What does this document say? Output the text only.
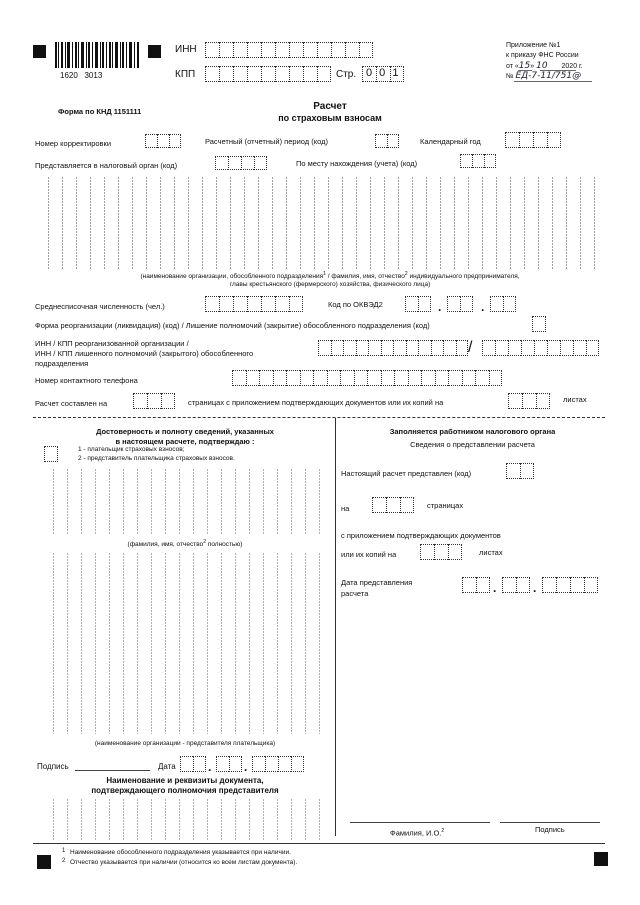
1620   3013
ИНН
КПП	Стр. 0 0 1
Приложение №1
к приказу ФНС России
от «15» 10 2020 г.
№ ЕД-7-11/751@
Форма по КНД 1151111	Расчет
по страховым взносам
Номер корректировки	Расчетный (отчетный) период (код)	Календарный год
Представляется в налоговый орган (код)	По месту нахождения (учета) (код)
(наименование организации, обособленного подразделения$^1$ / фамилия, имя, отчество$^2$ индивидуального предпринимателя,
главы крестьянского (фермерского) хозяйства, физического лица)
Среднесписочная численность (чел.)	Код по ОКВЭД2	.	.
Форма реорганизации (ликвидация) (код) / Лишение полномочий (закрытие) обособленного подразделения (код)
ИНН / КПП реорганизованной организации /
ИНН / КПП лишенного полномочий (закрытого) обособленного
подразделения
/
Номер контактного телефона
Расчет составлен на	страницах с приложением подтверждающих документов или их копий на	листах
Достоверность и полноту сведений, указанных
в настоящем расчете, подтверждаю :
1 - плательщик страховых взносов;
2 - представитель плательщика страховых взносов.
(фамилия, имя, отчество$^2$ полностью)
(наименование организации - представителя плательщика)
Подпись	Дата	.	.
Наименование и реквизиты документа,
подтверждающего полномочия представителя
Заполняется работником налогового органа
Сведения о представлении расчета
Настоящий расчет представлен (код)
на	страницах
с приложением подтверждающих документов
или их копий на	листах
Дата представления
расчета	.	.
Фамилия, И.О.$^2$	Подпись
1 Наименование обособленного подразделения указывается при наличии.
2 Отчество указывается при наличии (относится ко всем листам документа).
